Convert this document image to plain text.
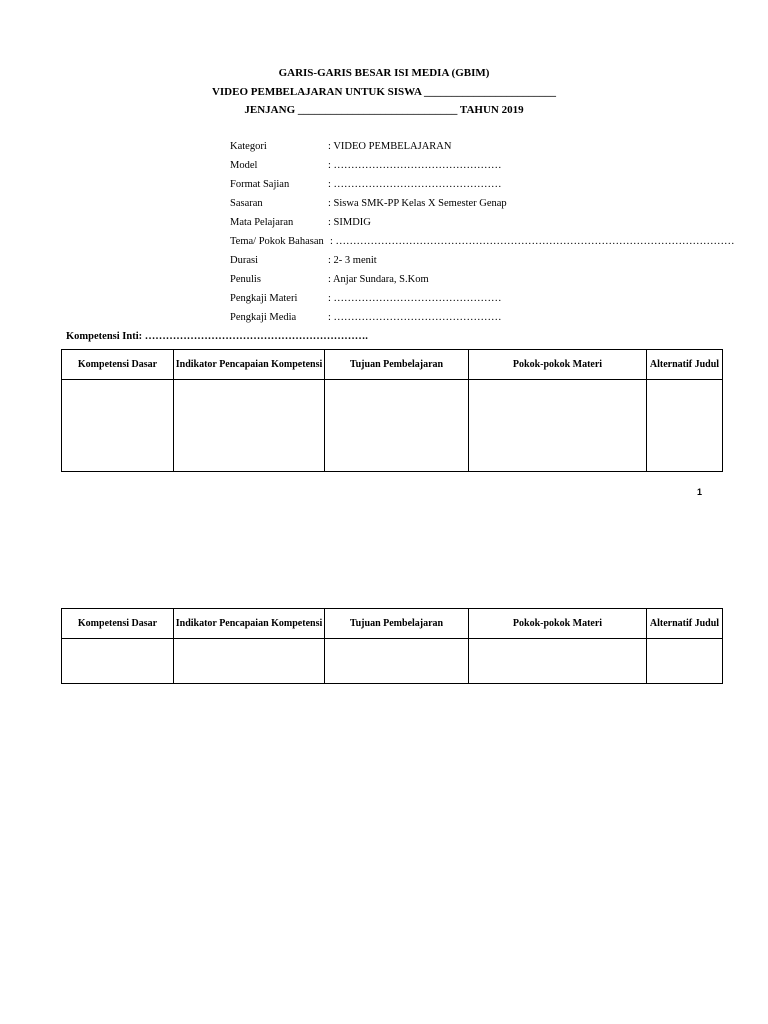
GARIS-GARIS BESAR ISI MEDIA (GBIM)
VIDEO PEMBELAJARAN UNTUK SISWA ________________________
JENJANG _____________________________ TAHUN 2019
Kategori	: VIDEO PEMBELAJARAN
Model	: …………………………………………
Format Sajian	: …………………………………………
Sasaran	: Siswa SMK-PP Kelas X Semester Genap
Mata Pelajaran	: SIMDIG
Tema/ Pokok Bahasan : ……………………………………………………………………………………………………
Durasi	: 2- 3 menit
Penulis	: Anjar Sundara, S.Kom
Pengkaji Materi	: …………………………………………
Pengkaji Media	: …………………………………………
Kompetensi Inti: ……………………………………………………….
Kompetensi Dasar	Indikator Pencapaian Kompetensi	Tujuan Pembelajaran	Pokok-pokok Materi	Alternatif Judul

1
Kompetensi Dasar	Indikator Pencapaian Kompetensi	Tujuan Pembelajaran	Pokok-pokok Materi	Alternatif Judul
